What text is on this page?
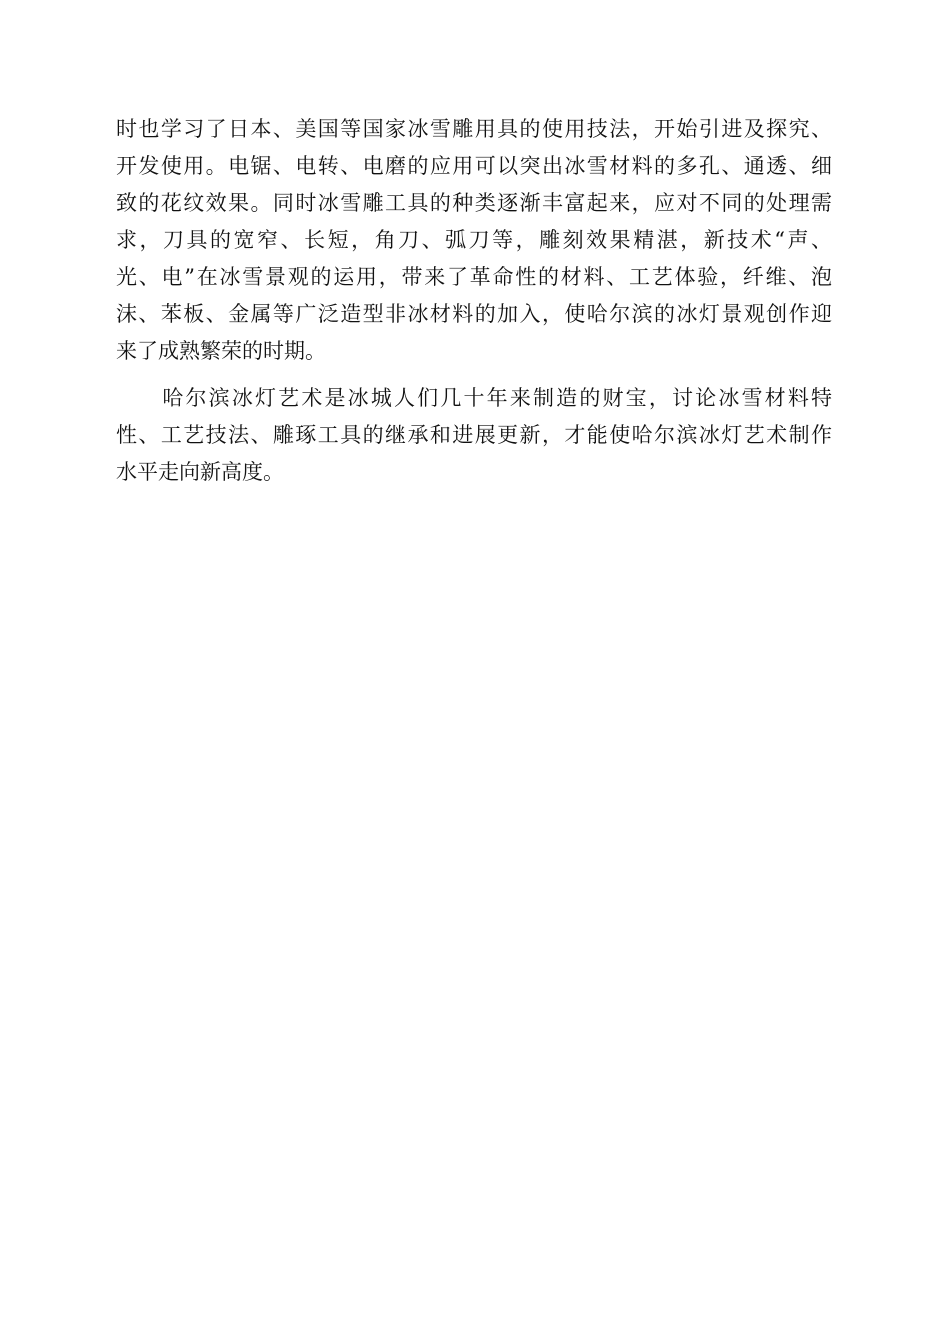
时也学习了日本、美国等国家冰雪雕用具的使用技法，开始引进及探究、
开发使用。电锯、电转、电磨的应用可以突出冰雪材料的多孔、通透、细
致的花纹效果。同时冰雪雕工具的种类逐渐丰富起来，应对不同的处理需
求，刀具的宽窄、长短，角刀、弧刀等，雕刻效果精湛，新技术“声、
光、电”在冰雪景观的运用，带来了革命性的材料、工艺体验，纤维、泡
沫、苯板、金属等广泛造型非冰材料的加入，使哈尔滨的冰灯景观创作迎
来了成熟繁荣的时期。

　　哈尔滨冰灯艺术是冰城人们几十年来制造的财宝，讨论冰雪材料特
性、工艺技法、雕琢工具的继承和进展更新，才能使哈尔滨冰灯艺术制作
水平走向新高度。
